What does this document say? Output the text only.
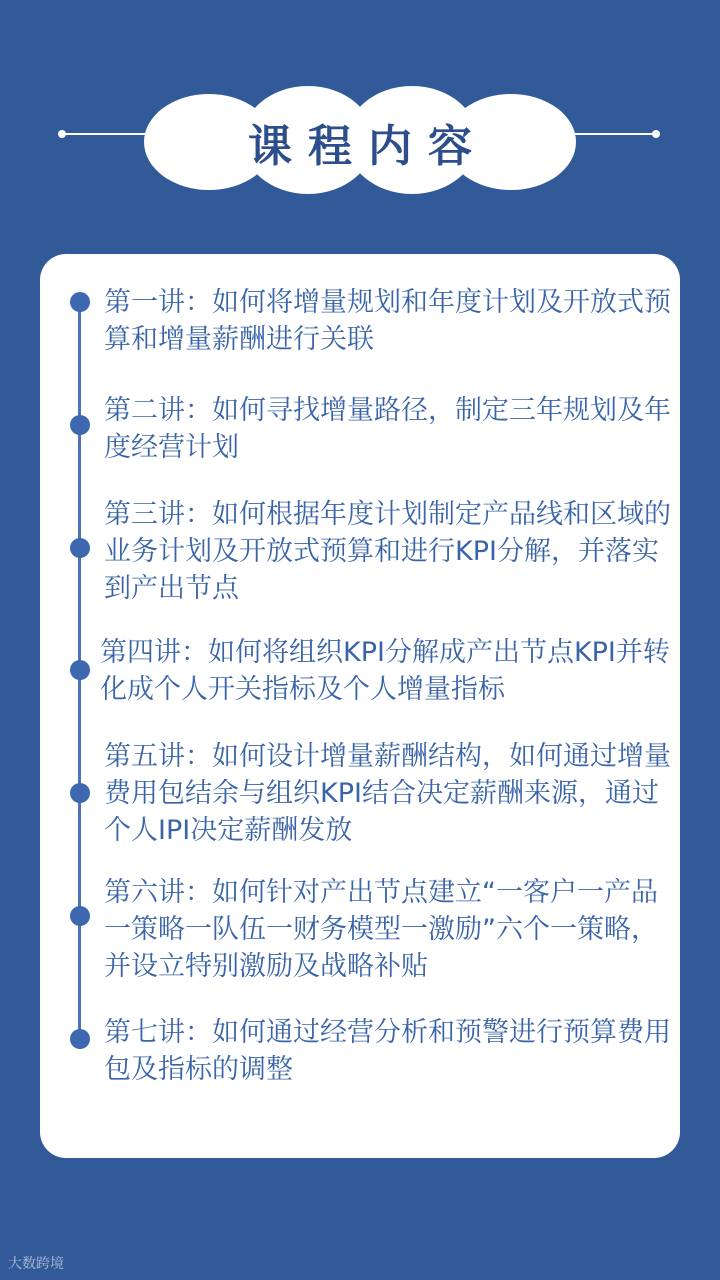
课程内容
第一讲：如何将增量规划和年度计划及开放式预算和增量薪酬进行关联
第二讲：如何寻找增量路径，制定三年规划及年度经营计划
第三讲：如何根据年度计划制定产品线和区域的业务计划及开放式预算和进行KPI分解，并落实到产出节点
第四讲：如何将组织KPI分解成产出节点KPI并转化成个人开关指标及个人增量指标
第五讲：如何设计增量薪酬结构，如何通过增量费用包结余与组织KPI结合决定薪酬来源，通过个人IPI决定薪酬发放
第六讲：如何针对产出节点建立“一客户一产品一策略一队伍一财务模型一激励”六个一策略，并设立特别激励及战略补贴
第七讲：如何通过经营分析和预警进行预算费用包及指标的调整
大数跨境
